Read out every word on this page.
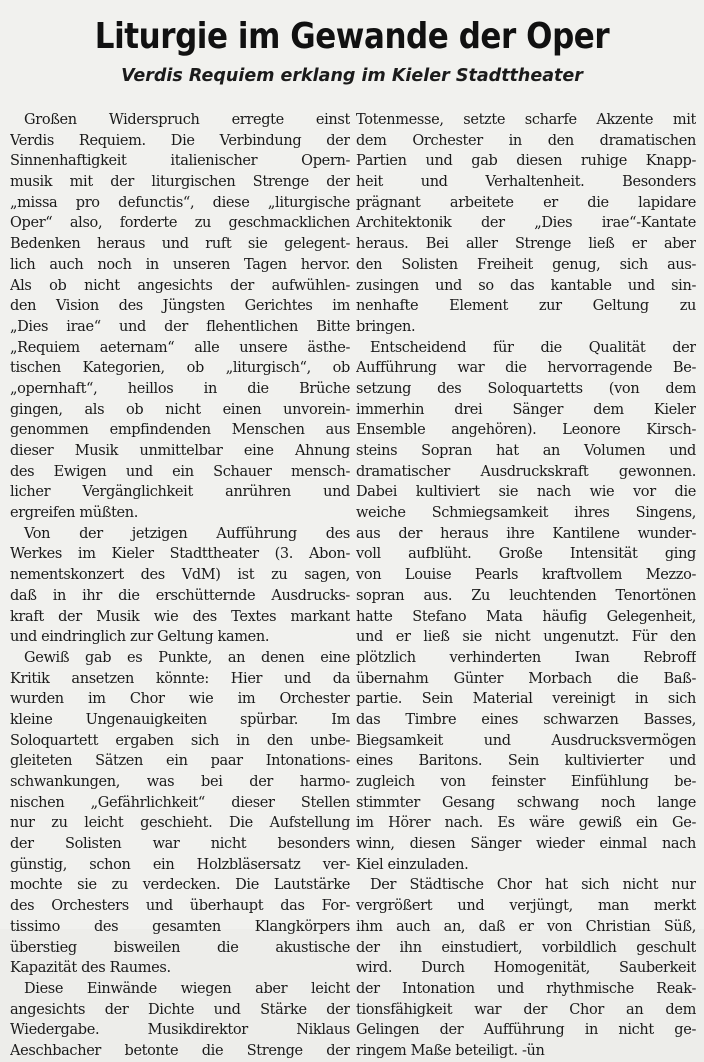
Liturgie im Gewande der Oper
Verdis Requiem erklang im Kieler Stadttheater
Großen Widerspruch erregte einst
Verdis Requiem. Die Verbindung der
Sinnenhaftigkeit italienischer Opern-
musik mit der liturgischen Strenge der
„missa pro defunctis“, diese „liturgische
Oper“ also, forderte zu geschmacklichen
Bedenken heraus und ruft sie gelegent-
lich auch noch in unseren Tagen hervor.
Als ob nicht angesichts der aufwühlen-
den Vision des Jüngsten Gerichtes im
„Dies irae“ und der flehentlichen Bitte
„Requiem aeternam“ alle unsere ästhe-
tischen Kategorien, ob „liturgisch“, ob
„opernhaft“, heillos in die Brüche
gingen, als ob nicht einen unvorein-
genommen empfindenden Menschen aus
dieser Musik unmittelbar eine Ahnung
des Ewigen und ein Schauer mensch-
licher Vergänglichkeit anrühren und
ergreifen müßten.
Von der jetzigen Aufführung des
Werkes im Kieler Stadttheater (3. Abon-
nementskonzert des VdM) ist zu sagen,
daß in ihr die erschütternde Ausdrucks-
kraft der Musik wie des Textes markant
und eindringlich zur Geltung kamen.
Gewiß gab es Punkte, an denen eine
Kritik ansetzen könnte: Hier und da
wurden im Chor wie im Orchester
kleine Ungenauigkeiten spürbar. Im
Soloquartett ergaben sich in den unbe-
gleiteten Sätzen ein paar Intonations-
schwankungen, was bei der harmo-
nischen „Gefährlichkeit“ dieser Stellen
nur zu leicht geschieht. Die Aufstellung
der Solisten war nicht besonders
günstig, schon ein Holzbläsersatz ver-
mochte sie zu verdecken. Die Lautstärke
des Orchesters und überhaupt das For-
tissimo des gesamten Klangkörpers
überstieg bisweilen die akustische
Kapazität des Raumes.
Diese Einwände wiegen aber leicht
angesichts der Dichte und Stärke der
Wiedergabe. Musikdirektor Niklaus
Aeschbacher betonte die Strenge der
Totenmesse, setzte scharfe Akzente mit
dem Orchester in den dramatischen
Partien und gab diesen ruhige Knapp-
heit und Verhaltenheit. Besonders
prägnant arbeitete er die lapidare
Architektonik der „Dies irae“-Kantate
heraus. Bei aller Strenge ließ er aber
den Solisten Freiheit genug, sich aus-
zusingen und so das kantable und sin-
nenhafte Element zur Geltung zu
bringen.
Entscheidend für die Qualität der
Aufführung war die hervorragende Be-
setzung des Soloquartetts (von dem
immerhin drei Sänger dem Kieler
Ensemble angehören). Leonore Kirsch-
steins Sopran hat an Volumen und
dramatischer Ausdruckskraft gewonnen.
Dabei kultiviert sie nach wie vor die
weiche Schmiegsamkeit ihres Singens,
aus der heraus ihre Kantilene wunder-
voll aufblüht. Große Intensität ging
von Louise Pearls kraftvollem Mezzo-
sopran aus. Zu leuchtenden Tenortönen
hatte Stefano Mata häufig Gelegenheit,
und er ließ sie nicht ungenutzt. Für den
plötzlich verhinderten Iwan Rebroff
übernahm Günter Morbach die Baß-
partie. Sein Material vereinigt in sich
das Timbre eines schwarzen Basses,
Biegsamkeit und Ausdrucksvermögen
eines Baritons. Sein kultivierter und
zugleich von feinster Einfühlung be-
stimmter Gesang schwang noch lange
im Hörer nach. Es wäre gewiß ein Ge-
winn, diesen Sänger wieder einmal nach
Kiel einzuladen.
Der Städtische Chor hat sich nicht nur
vergrößert und verjüngt, man merkt
ihm auch an, daß er von Christian Süß,
der ihn einstudiert, vorbildlich geschult
wird. Durch Homogenität, Sauberkeit
der Intonation und rhythmische Reak-
tionsfähigkeit war der Chor an dem
Gelingen der Aufführung in nicht ge-
ringem Maße beteiligt. -ün
